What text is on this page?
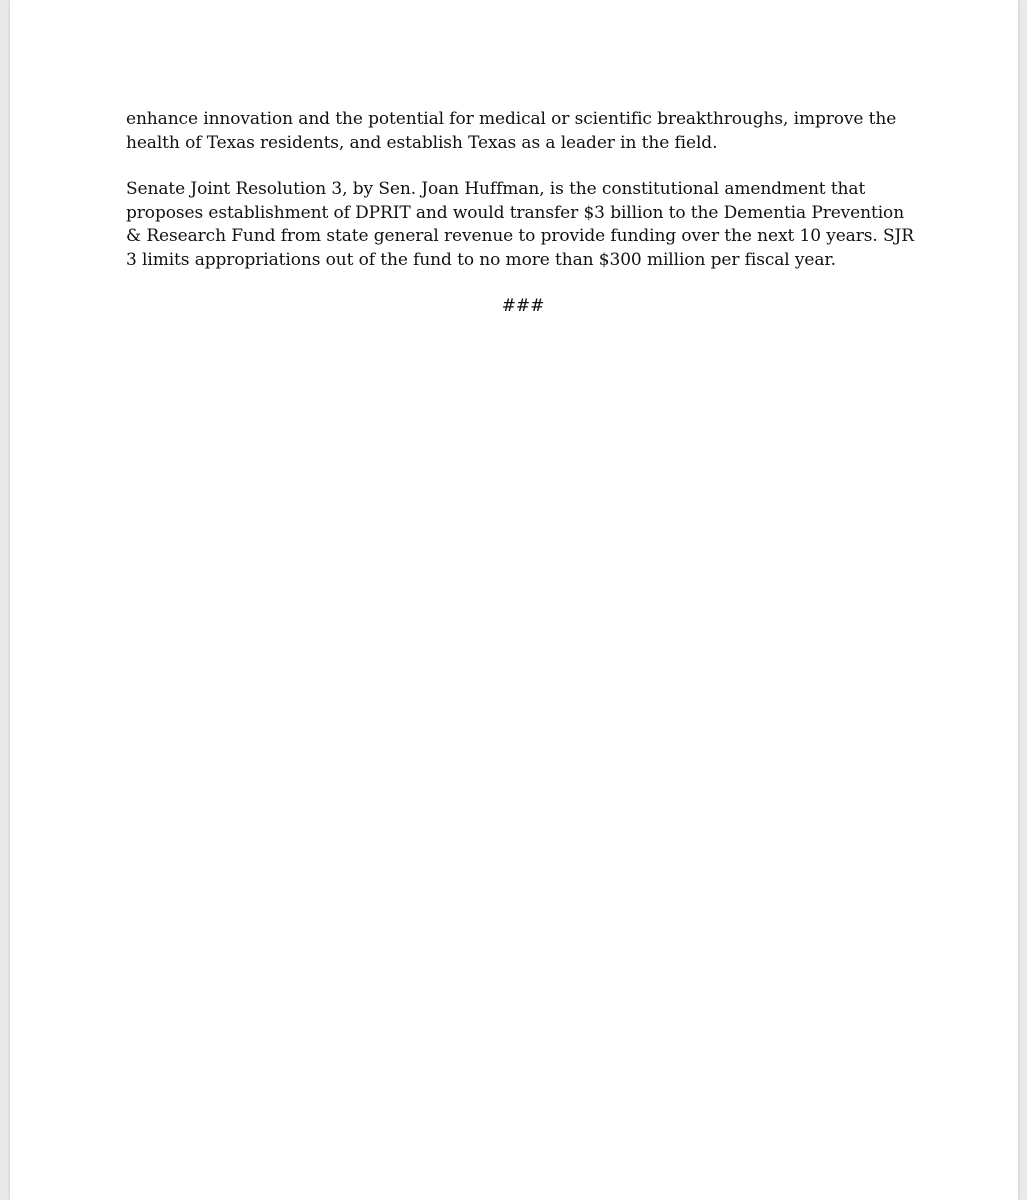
enhance innovation and the potential for medical or scientific breakthroughs, improve the
health of Texas residents, and establish Texas as a leader in the field.

Senate Joint Resolution 3, by Sen. Joan Huffman, is the constitutional amendment that
proposes establishment of DPRIT and would transfer $3 billion to the Dementia Prevention
& Research Fund from state general revenue to provide funding over the next 10 years. SJR
3 limits appropriations out of the fund to no more than $300 million per fiscal year.

###
